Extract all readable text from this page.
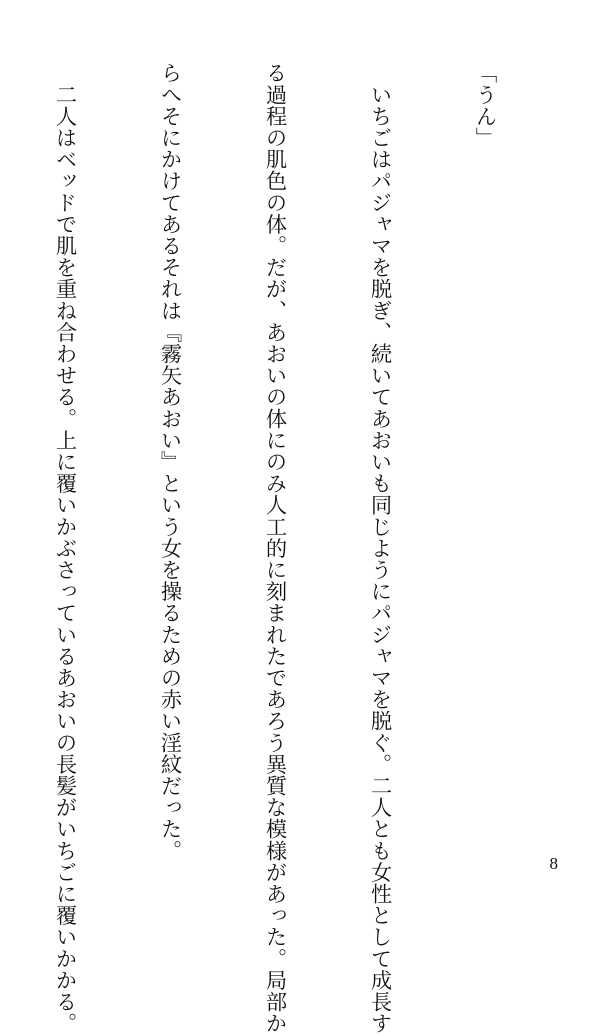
「うん」

　いちごはパジャマを脱ぎ、続いてあおいも同じようにパジャマを脱ぐ。二人とも女性として成長す

る過程の肌色の体。だが、あおいの体にのみ人工的に刻まれたであろう異質な模様があった。局部か

らへそにかけてあるそれは『霧矢あおい』という女を操るための赤い淫紋だった。

　二人はベッドで肌を重ね合わせる。上に覆いかぶさっているあおいの長髪がいちごに覆いかかる。

	8
